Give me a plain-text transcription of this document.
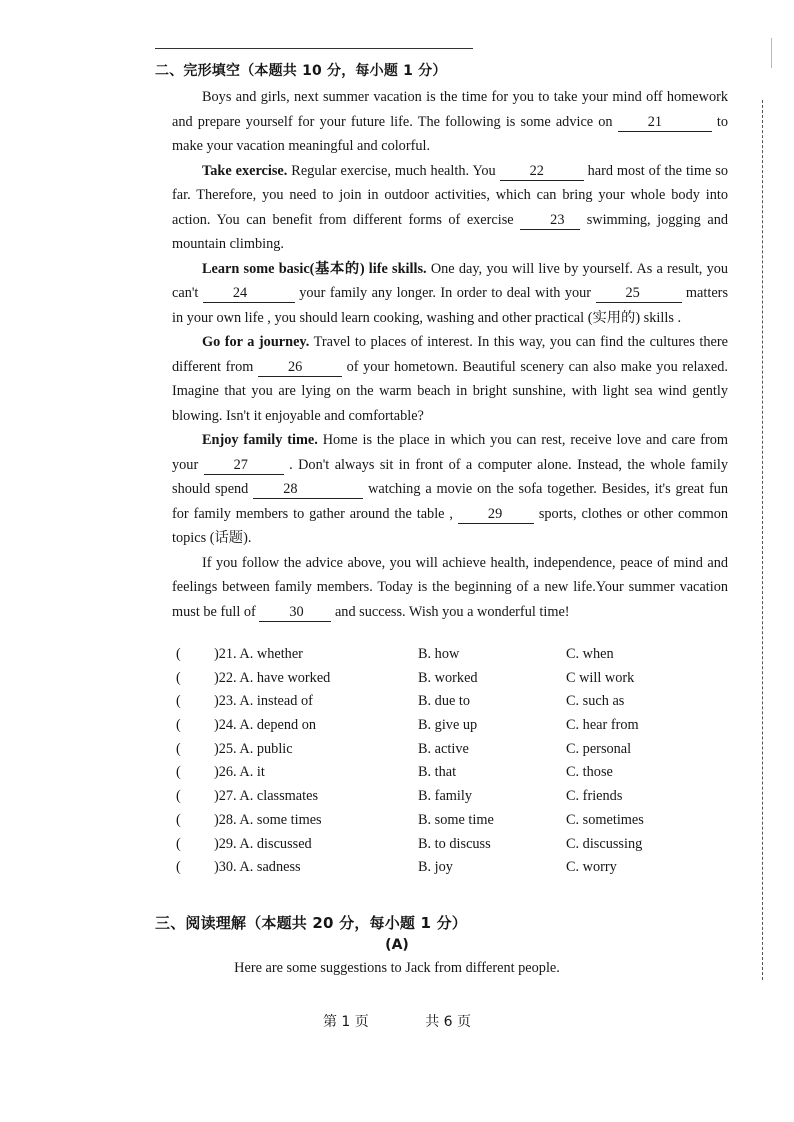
二、完形填空（本题共 10 分，每小题 1 分）

Boys and girls, next summer vacation is the time for you to take your mind off homework and prepare yourself for your future life. The following is some advice on 21	to make your vacation meaningful and colorful.

Take exercise. Regular exercise, much health. You 22	hard most of the time so far. Therefore, you need to join in outdoor activities, which can bring your whole body into action. You can benefit from different forms of exercise	23 swimming, jogging and mountain climbing.

Learn some basic(基本的) life skills. One day, you will live by yourself. As a result, you can't 24	your family any longer. In order to deal with your 25	matters in your own life , you should learn cooking, washing and other practical (实用的) skills .

Go for a journey. Travel to places of interest. In this way, you can find the cultures there different from 26	of your hometown. Beautiful scenery can also make you relaxed. Imagine that you are lying on the warm beach in bright sunshine, with light sea wind gently blowing. Isn't it enjoyable and comfortable?

Enjoy family time. Home is the place in which you can rest, receive love and care from your 27	. Don't always sit in front of a computer alone. Instead, the whole family should spend 28	watching a movie on the sofa together. Besides, it's great fun for family members to gather around the table , 29	sports, clothes or other common topics (话题).

If you follow the advice above, you will achieve health, independence, peace of mind and feelings between family members. Today is the beginning of a new life.Your summer vacation must be full of 30 and success. Wish you a wonderful time!

( )21. A. whether	B. how	C. when
( )22. A. have worked	B. worked	C will work
( )23. A. instead of	B. due to	C. such as
( )24. A. depend on	B. give up	C. hear from
( )25. A. public	B. active	C. personal
( )26. A. it	B. that	C. those
( )27. A. classmates	B. family	C. friends
( )28. A. some times	B. some time	C. sometimes
( )29. A. discussed	B. to discuss	C. discussing
( )30. A. sadness	B. joy	C. worry
三、阅读理解（本题共 20 分，每小题 1 分）
(A)
Here are some suggestions to Jack from different people.
第 1 页	共 6 页
